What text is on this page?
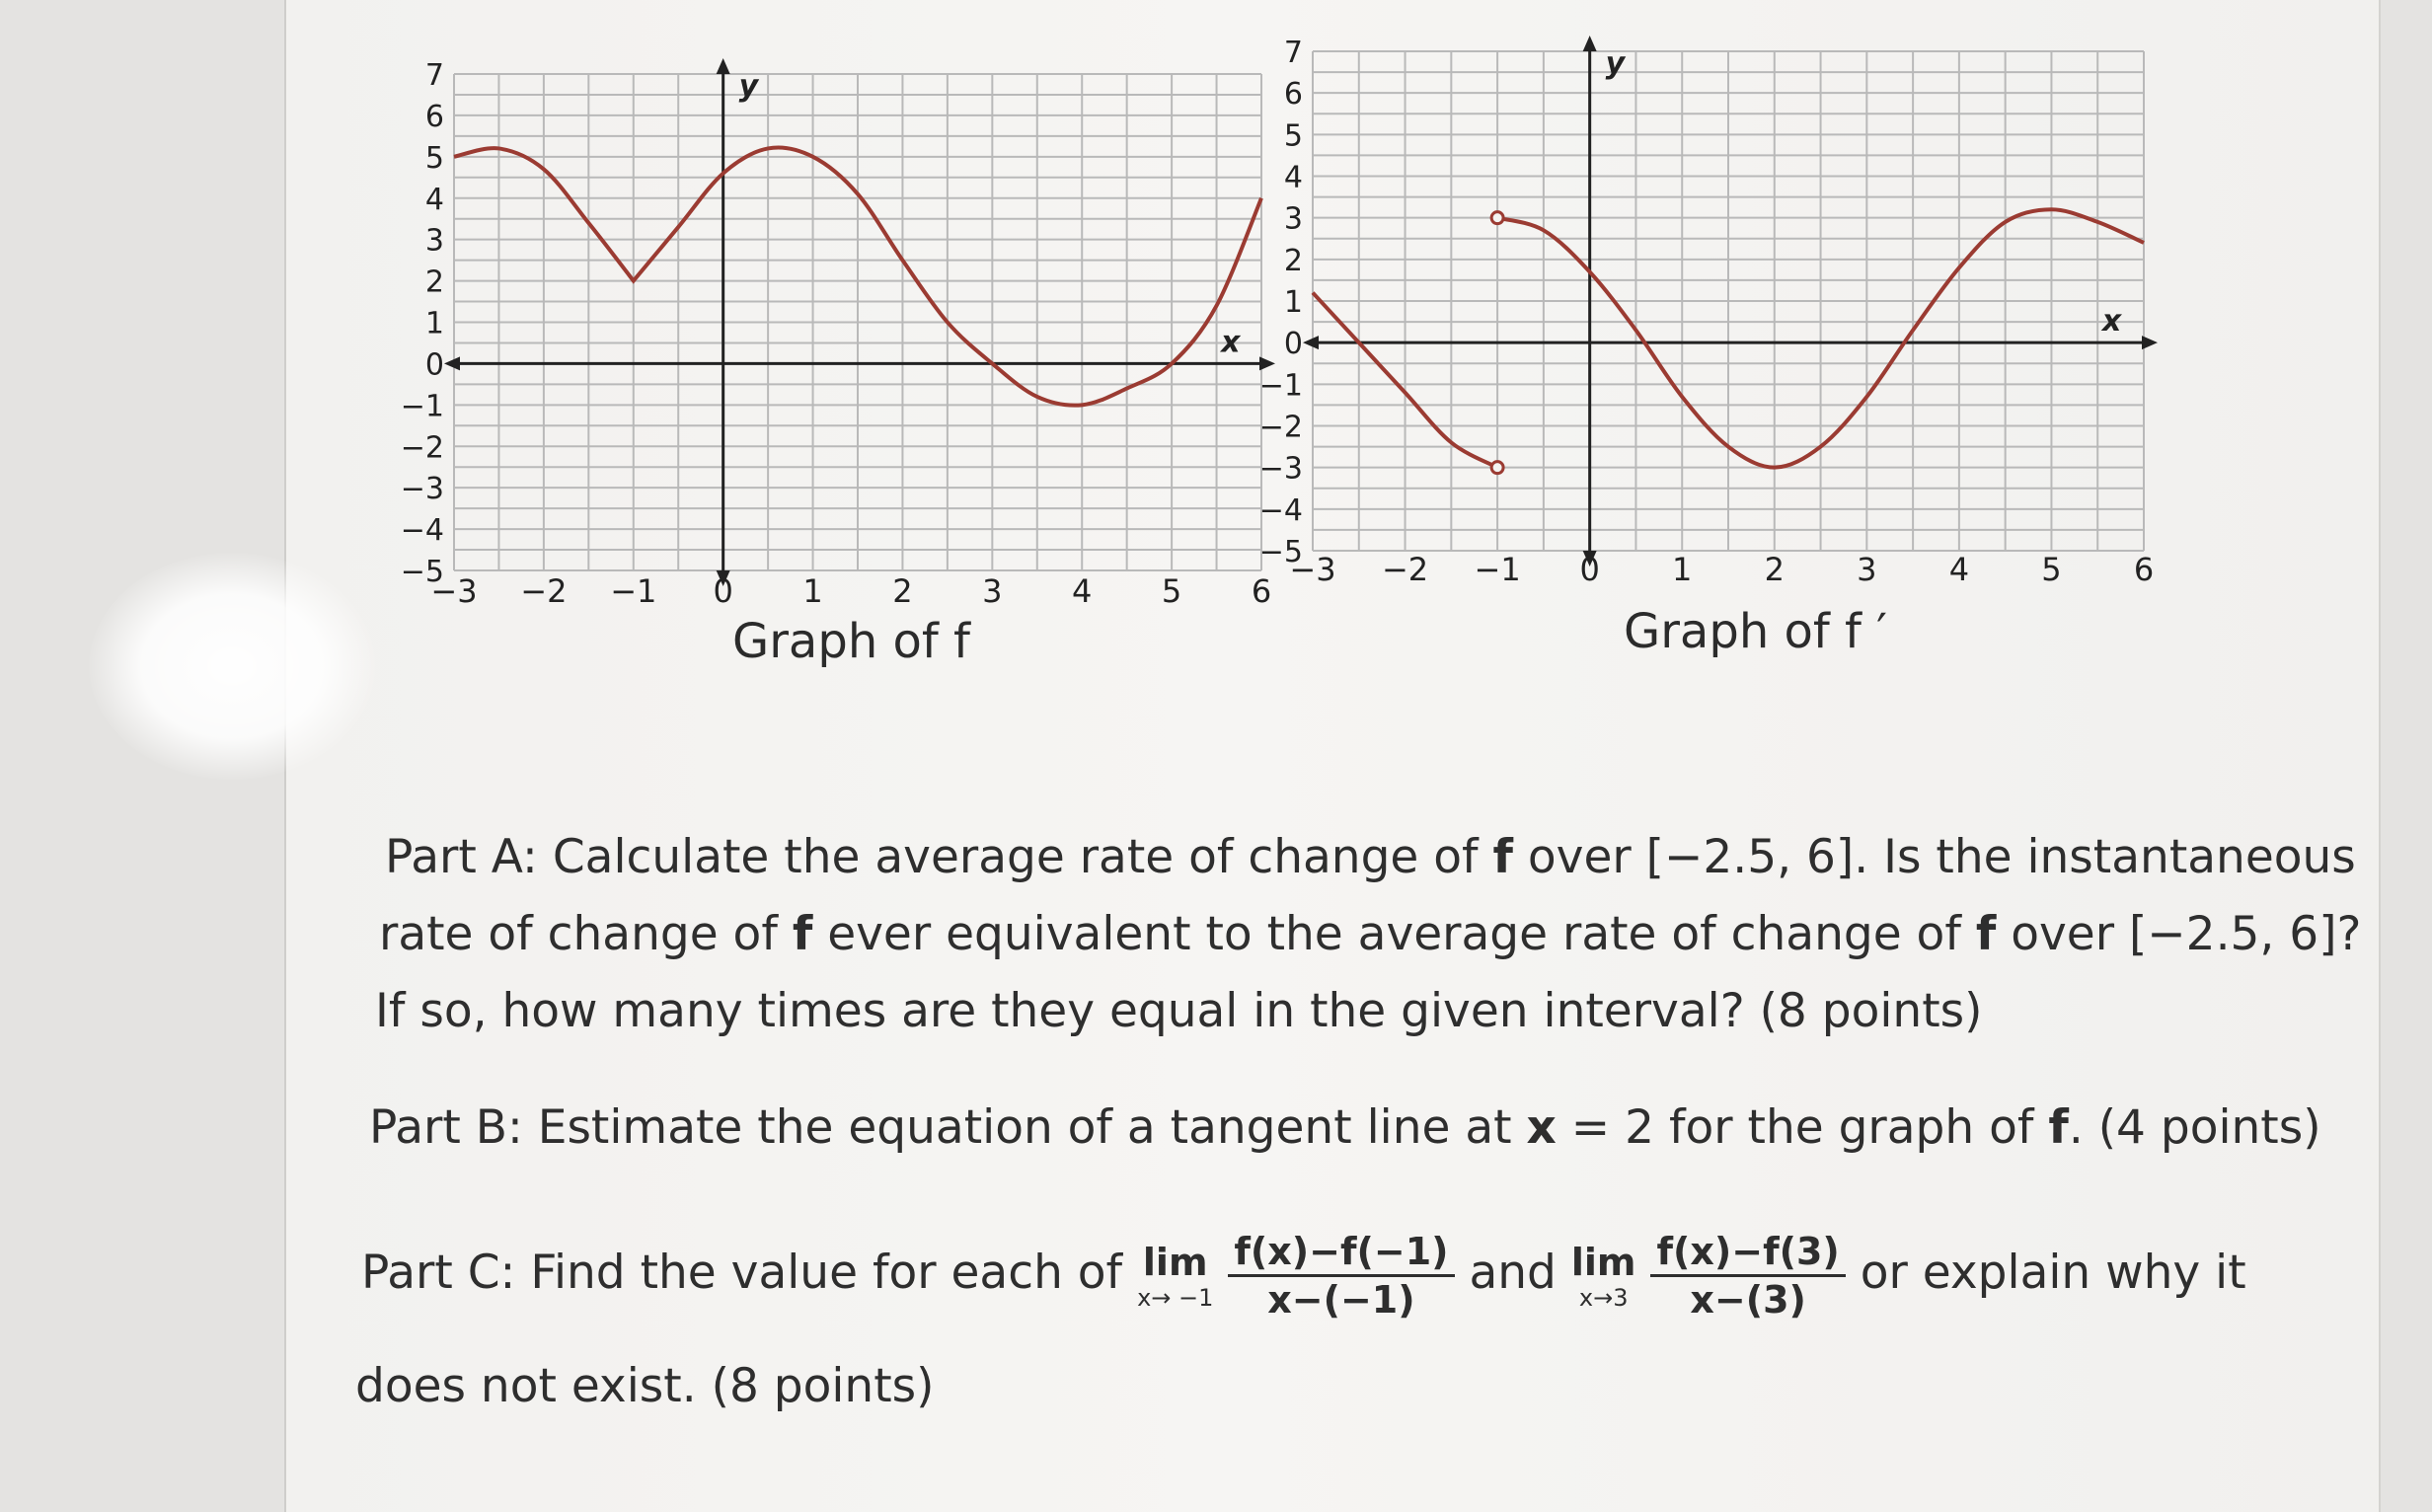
y
x
−3 −2 −1 0 1 2 3 4 5 6
7
6
5
4
3
2
1
0
−1
−2
−3
−4
−5
y
x
−3 −2 −1 0 1 2 3 4 5 6
7
6
5
4
3
2
1
0
−1
−2
−3
−4
−5
Graph of f	Graph of f ′
Part A: Calculate the average rate of change of f over [−2.5, 6]. Is the instantaneous
rate of change of f ever equivalent to the average rate of change of f over [−2.5, 6]?
If so, how many times are they equal in the given interval? (8 points)
Part B: Estimate the equation of a tangent line at x = 2 for the graph of f. (4 points)
Part C: Find the value for each of lim
x→ −1
$\frac{f(x)-f(-1)}{x-(-1)}$ and lim
x→3
$\frac{f(x)-f(3)}{x-(3)}$ or explain why it
does not exist. (8 points)
